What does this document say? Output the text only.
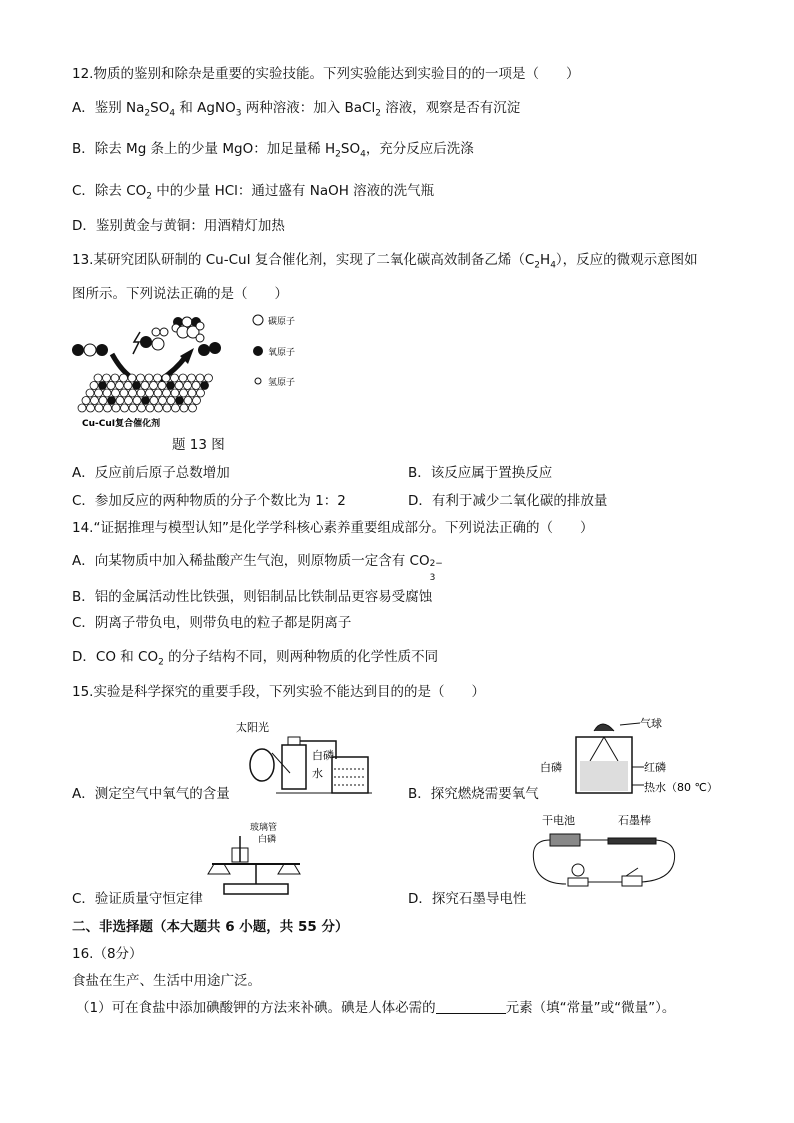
12.物质的鉴别和除杂是重要的实验技能。下列实验能达到实验目的的一项是（　　）
A．鉴别 $Na_2SO_4$ 和 AgNO$_3$ 两种溶液：加入 BaCl$_2$ 溶液，观察是否有沉淀
B．除去 Mg 条上的少量 MgO：加足量稀 $H_2SO_4$，充分反应后洗涤
C．除去 $CO_2$ 中的少量 HCl：通过盛有 NaOH 溶液的洗气瓶
D．鉴别黄金与黄铜：用酒精灯加热
13.某研究团队研制的 Cu-CuI 复合催化剂，实现了二氧化碳高效制备乙烯$(C_2H_4)$，反应的微观示意图如
图所示。下列说法正确的是（　　）
Cu-CuI复合催化剂
碳原子
氧原子
氢原子
题 13 图
A．反应前后原子总数增加	B．该反应属于置换反应
C．参加反应的两种物质的分子个数比为 1：2	D．有利于减少二氧化碳的排放量
14.“证据推理与模型认知”是化学学科核心素养重要组成部分。下列说法正确的（　　）
A．向某物质中加入稀盐酸产生气泡，则原物质一定含有 CO 2−
3
B．铝的金属活动性比铁强，则铝制品比铁制品更容易受腐蚀
C．阴离子带负电，则带负电的粒子都是阴离子
D．CO 和 $CO_2$ 的分子结构不同，则两种物质的化学性质不同
15.实验是科学探究的重要手段，下列实验不能达到目的的是（　　）
太阳光
白磷
水
A．测定空气中氧气的含量
气球
白磷	红磷
热水（80 ℃）
B．探究燃烧需要氧气
玻璃管
白磷
C．验证质量守恒定律
干电池	石墨棒
D．探究石墨导电性
二、非选择题（本大题共 6 小题，共 55 分）
16.（8分）
食盐在生产、生活中用途广泛。
（1）可在食盐中添加碘酸钾的方法来补碘。碘是人体必需的	元素（填“常量”或“微量”）。
